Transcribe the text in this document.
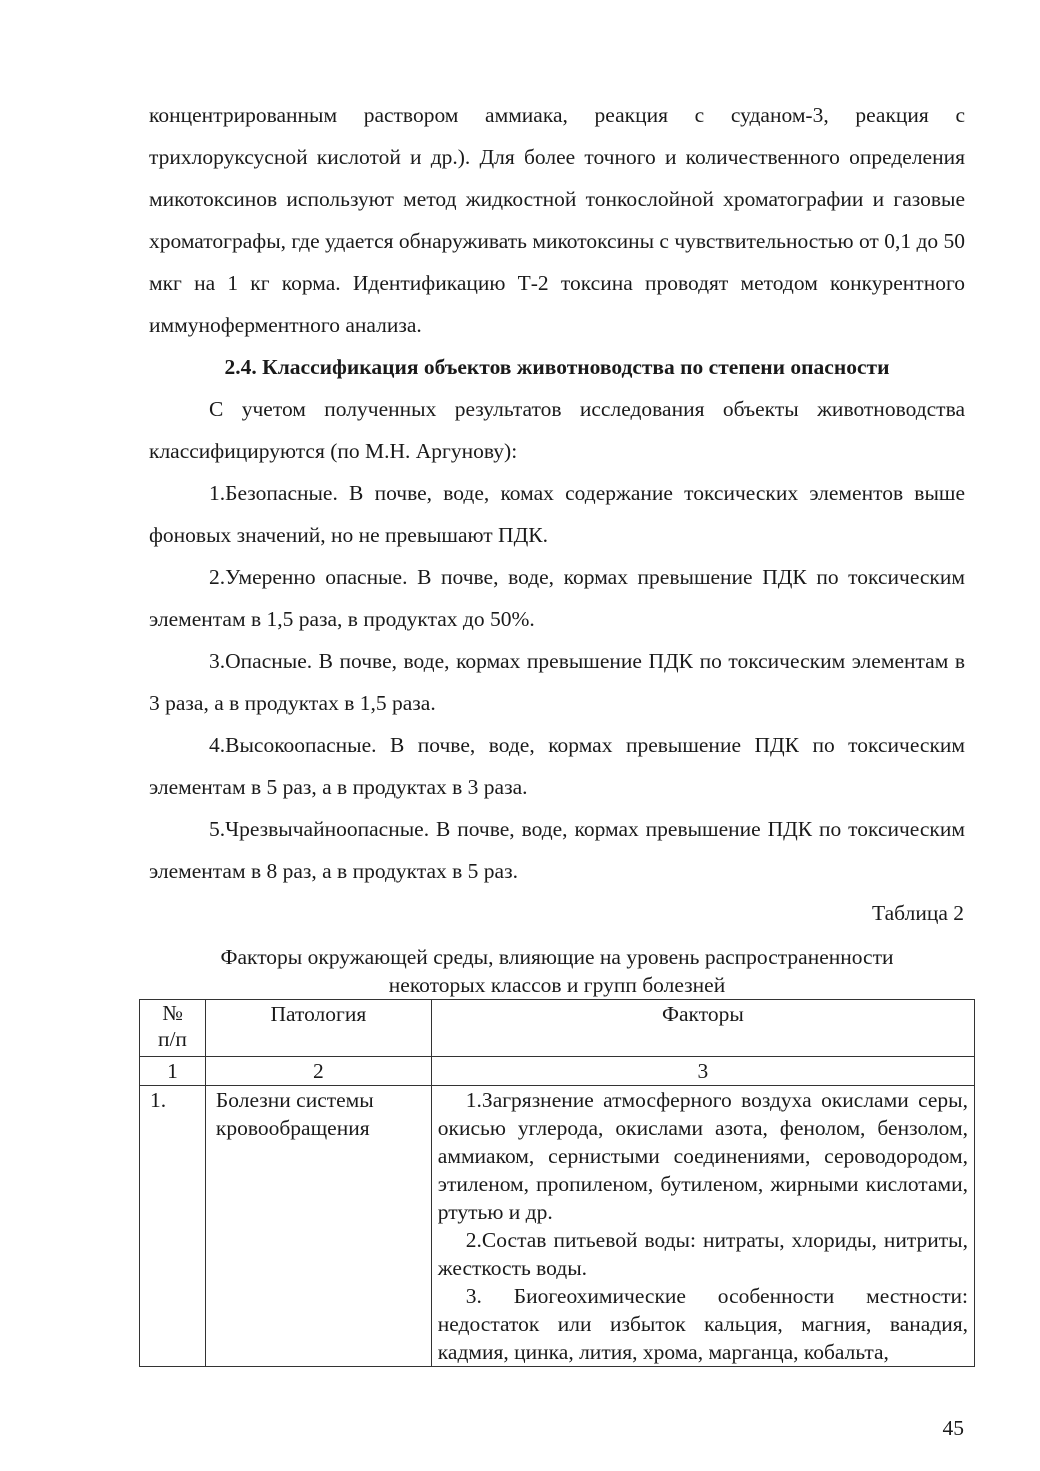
концентрированным раствором аммиака, реакция с суданом-3, реакция с трихлоруксусной кислотой и др.). Для более точного и количественного определения микотоксинов используют метод жидкостной тонкослойной хроматографии и газовые хроматографы, где удается обнаруживать микотоксины с чувствительностью от 0,1 до 50 мкг на 1 кг корма. Идентификацию Т-2 токсина проводят методом конкурентного иммуноферментного анализа.

2.4. Классификация объектов животноводства по степени опасности

С учетом полученных результатов исследования объекты животноводства классифицируются (по М.Н. Аргунову):

1.Безопасные. В почве, воде, комах содержание токсических элементов выше фоновых значений, но не превышают ПДК.

2.Умеренно опасные. В почве, воде, кормах превышение ПДК по токсическим элементам в 1,5 раза, в продуктах до 50%.

3.Опасные. В почве, воде, кормах превышение ПДК по токсическим элементам в 3 раза, а в продуктах в 1,5 раза.

4.Высокоопасные. В почве, воде, кормах превышение ПДК по токсическим элементам в 5 раз, а в продуктах в 3 раза.

5.Чрезвычайноопасные. В почве, воде, кормах превышение ПДК по токсическим элементам в 8 раз, а в продуктах в 5 раз.

Таблица 2
Факторы окружающей среды, влияющие на уровень распространенности
некоторых классов и групп болезней
№
п/п	Патология	Факторы
1	2	3
1.	Болезни системы кровообращения	1.Загрязнение атмосферного воздуха окислами серы, окисью углерода, окислами азота, фенолом, бензолом, аммиаком, сернистыми соединениями, сероводородом, этиленом, пропиленом, бутиленом, жирными кислотами, ртутью и др.

2.Состав питьевой воды: нитраты, хлориды, нитриты, жесткость воды.

3. Биогеохимические особенности местности: недостаток или избыток кальция, магния, ванадия, кадмия, цинка, лития, хрома, марганца, кобальта,

45
